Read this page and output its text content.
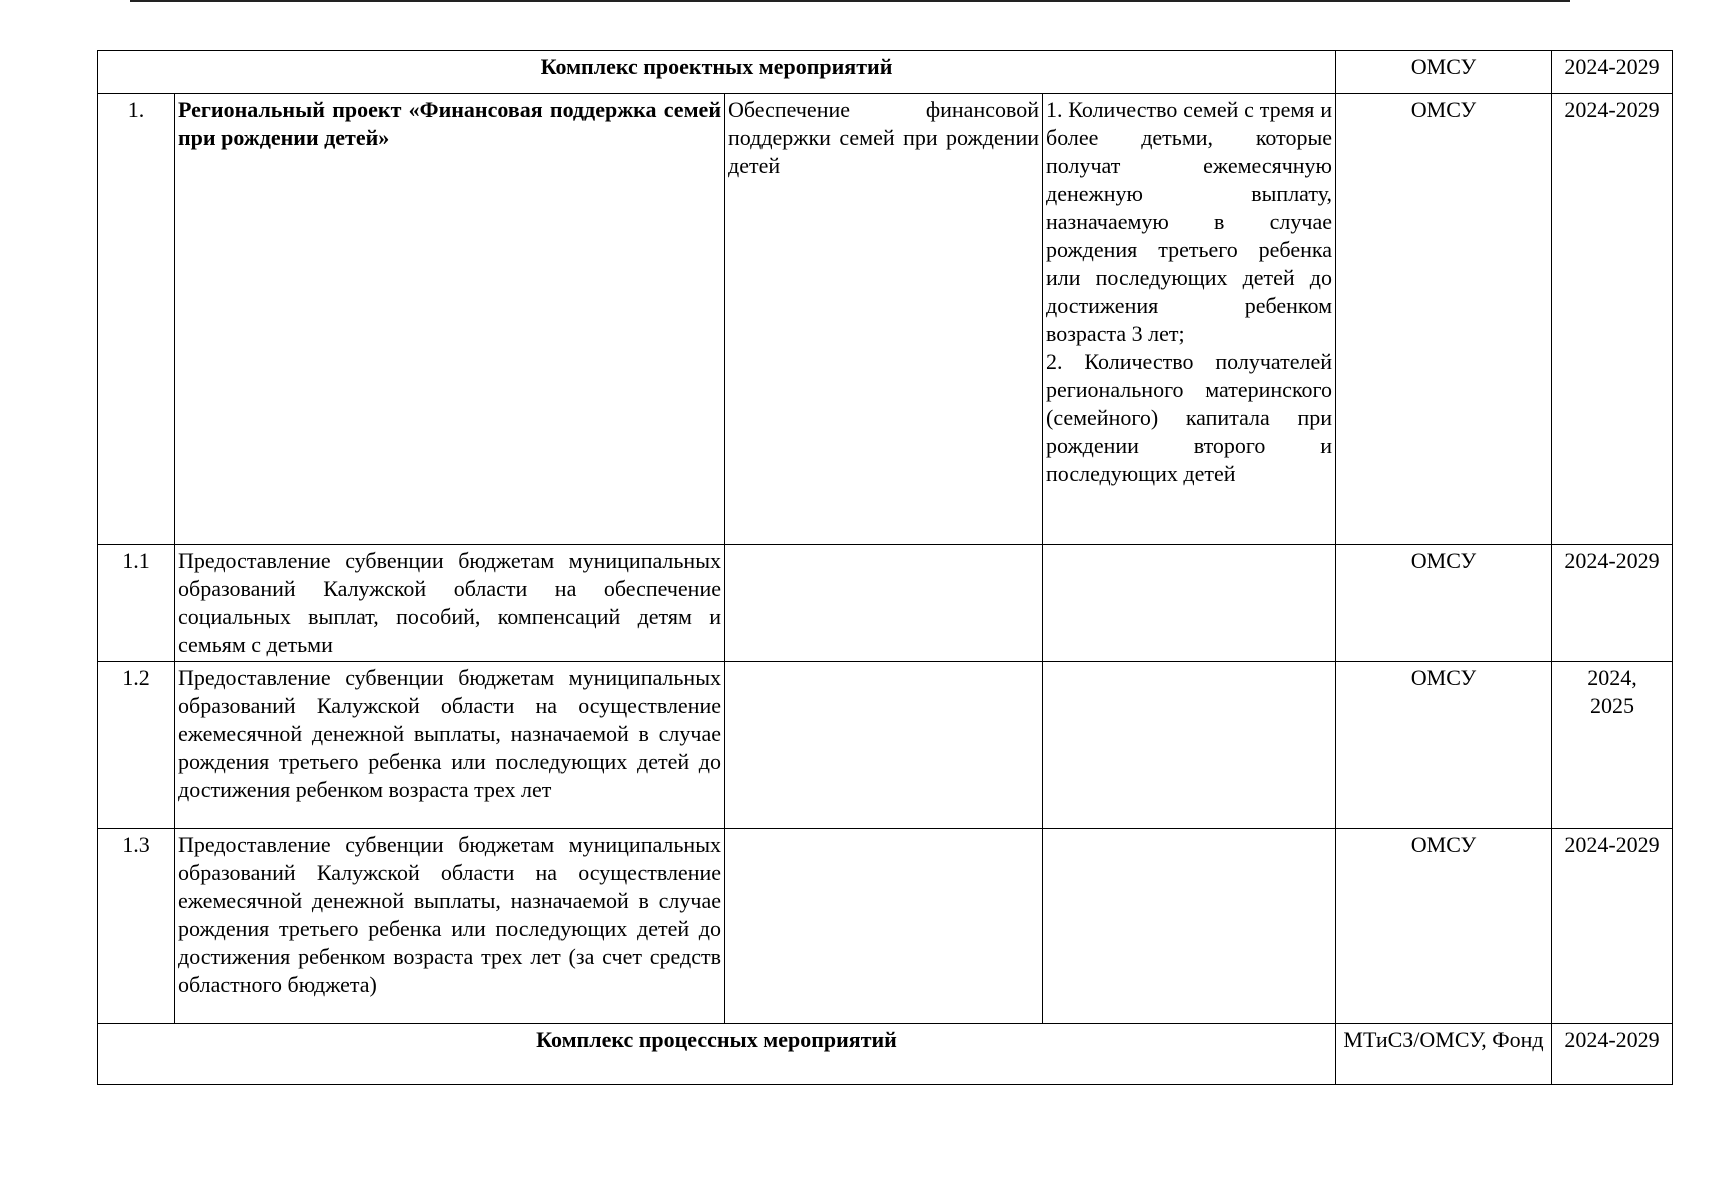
Комплекс проектных мероприятий				ОМСУ	2024-2029
1.	Региональный проект «Финансовая поддержка семей при рождении детей»	Обеспечение финансовой поддержки семей при рождении детей	1. Количество семей с тремя и более детьми, которые получат ежемесячную денежную выплату, назначаемую в случае рождения третьего ребенка или последующих детей до достижения ребенком возраста 3 лет;
2. Количество получателей регионального материнского (семейного) капитала при рождении второго и последующих детей	ОМСУ	2024-2029
1.1	Предоставление субвенции бюджетам муниципальных образований Калужской области на обеспечение социальных выплат, пособий, компенсаций детям и семьям с детьми			ОМСУ	2024-2029
1.2	Предоставление субвенции бюджетам муниципальных образований Калужской области на осуществление ежемесячной денежной выплаты, назначаемой в случае рождения третьего ребенка или последующих детей до достижения ребенком возраста трех лет			ОМСУ	2024,
2025
1.3	Предоставление субвенции бюджетам муниципальных образований Калужской области на осуществление ежемесячной денежной выплаты, назначаемой в случае рождения третьего ребенка или последующих детей до достижения ребенком возраста трех лет (за счет средств областного бюджета)			ОМСУ	2024-2029
Комплекс процессных мероприятий				МТиСЗ/ОМСУ, Фонд	2024-2029
